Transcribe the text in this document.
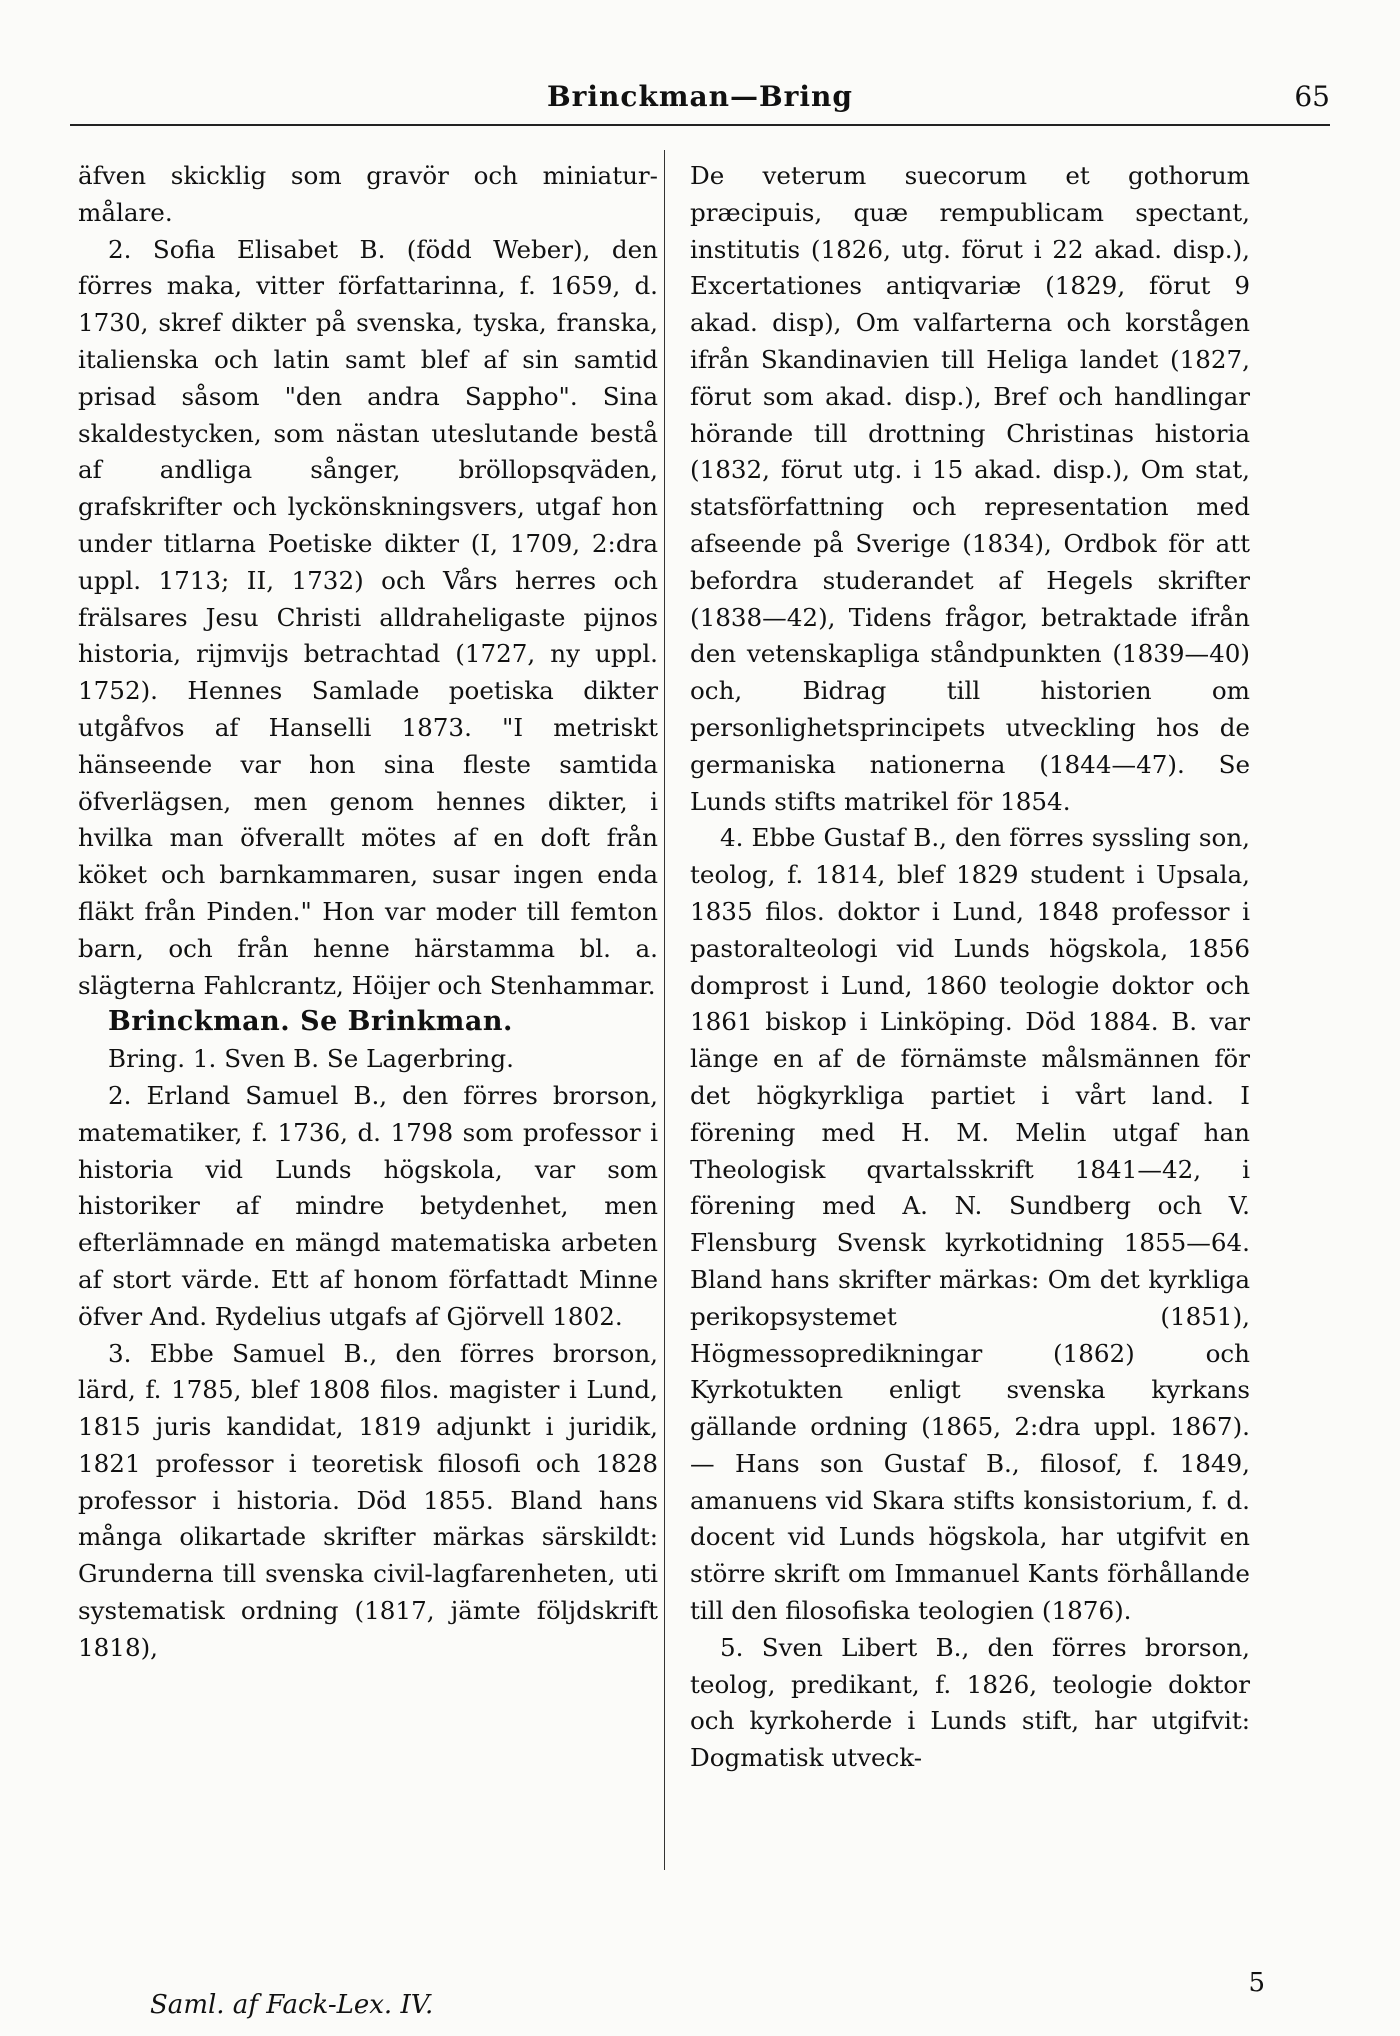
Brinckman—Bring	65

äfven skicklig som gravör och miniatur-målare.

2. Sofia Elisabet B. (född Weber), den förres maka, vitter författarinna, f. 1659, d. 1730, skref dikter på svenska, tyska, franska, italienska och latin samt blef af sin samtid prisad såsom "den andra Sappho". Sina skaldestycken, som nästan uteslutande bestå af andliga sånger, bröllopsqväden, grafskrifter och lyckönskningsvers, utgaf hon under titlarna Poetiske dikter (I, 1709, 2:dra uppl. 1713; II, 1732) och Vårs herres och frälsares Jesu Christi alldraheligaste pijnos historia, rijmvijs betrachtad (1727, ny uppl. 1752). Hennes Samlade poetiska dikter utgåfvos af Hanselli 1873. "I metriskt hänseende var hon sina fleste samtida öfverlägsen, men genom hennes dikter, i hvilka man öfverallt mötes af en doft från köket och barnkammaren, susar ingen enda fläkt från Pinden." Hon var moder till femton barn, och från henne härstamma bl. a. slägterna Fahlcrantz, Höijer och Stenhammar.

Brinckman. Se Brinkman.

Bring. 1. Sven B. Se Lagerbring.

2. Erland Samuel B., den förres brorson, matematiker, f. 1736, d. 1798 som professor i historia vid Lunds högskola, var som historiker af mindre betydenhet, men efterlämnade en mängd matematiska arbeten af stort värde. Ett af honom författadt Minne öfver And. Rydelius utgafs af Gjörvell 1802.

3. Ebbe Samuel B., den förres brorson, lärd, f. 1785, blef 1808 filos. magister i Lund, 1815 juris kandidat, 1819 adjunkt i juridik, 1821 professor i teoretisk filosofi och 1828 professor i historia. Död 1855. Bland hans många olikartade skrifter märkas särskildt: Grunderna till svenska civil-lagfarenheten, uti systematisk ordning (1817, jämte följdskrift 1818),

De veterum suecorum et gothorum præcipuis, quæ rempublicam spectant, institutis (1826, utg. förut i 22 akad. disp.), Excertationes antiqvariæ (1829, förut 9 akad. disp), Om valfarterna och korstågen ifrån Skandinavien till Heliga landet (1827, förut som akad. disp.), Bref och handlingar hörande till drottning Christinas historia (1832, förut utg. i 15 akad. disp.), Om stat, statsförfattning och representation med afseende på Sverige (1834), Ordbok för att befordra studerandet af Hegels skrifter (1838—42), Tidens frågor, betraktade ifrån den vetenskapliga ståndpunkten (1839—40) och, Bidrag till historien om personlighetsprincipets utveckling hos de germaniska nationerna (1844—47). Se Lunds stifts matrikel för 1854.

4. Ebbe Gustaf B., den förres syssling son, teolog, f. 1814, blef 1829 student i Upsala, 1835 filos. doktor i Lund, 1848 professor i pastoralteologi vid Lunds högskola, 1856 domprost i Lund, 1860 teologie doktor och 1861 biskop i Linköping. Död 1884. B. var länge en af de förnämste målsmännen för det högkyrkliga partiet i vårt land. I förening med H. M. Melin utgaf han Theologisk qvartalsskrift 1841—42, i förening med A. N. Sundberg och V. Flensburg Svensk kyrkotidning 1855—64. Bland hans skrifter märkas: Om det kyrkliga perikopsystemet (1851), Högmessopredikningar (1862) och Kyrkotukten enligt svenska kyrkans gällande ordning (1865, 2:dra uppl. 1867). — Hans son Gustaf B., filosof, f. 1849, amanuens vid Skara stifts konsistorium, f. d. docent vid Lunds högskola, har utgifvit en större skrift om Immanuel Kants förhållande till den filosofiska teologien (1876).

5. Sven Libert B., den förres brorson, teolog, predikant, f. 1826, teologie doktor och kyrkoherde i Lunds stift, har utgifvit: Dogmatisk utveck-

Saml. af Fack-Lex. IV.
5
